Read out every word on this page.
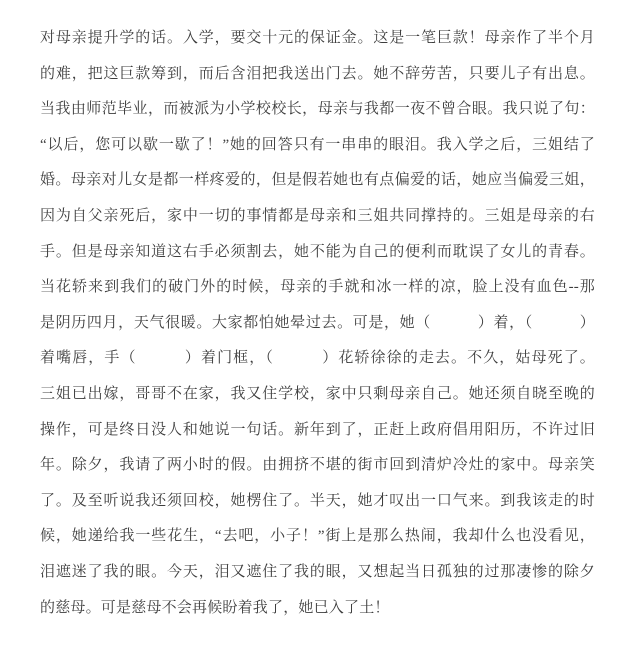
对母亲提升学的话。入学，要交十元的保证金。这是一笔巨款！母亲作了半个月
的难，把这巨款筹到，而后含泪把我送出门去。她不辞劳苦，只要儿子有出息。
当我由师范毕业，而被派为小学校校长，母亲与我都一夜不曾合眼。我只说了句：
“以后，您可以歇一歇了！”她的回答只有一串串的眼泪。我入学之后，三姐结了
婚。母亲对儿女是都一样疼爱的，但是假若她也有点偏爱的话，她应当偏爱三姐，
因为自父亲死后，家中一切的事情都是母亲和三姐共同撑持的。三姐是母亲的右
手。但是母亲知道这右手必须割去，她不能为自己的便利而耽误了女儿的青春。
当花轿来到我们的破门外的时候，母亲的手就和冰一样的凉，脸上没有血色--那
是阴历四月，天气很暖。大家都怕她晕过去。可是，她（　　　）着，（　　　）
着嘴唇，手（　　　）着门框，（　　　）花轿徐徐的走去。不久，姑母死了。
三姐已出嫁，哥哥不在家，我又住学校，家中只剩母亲自己。她还须自晓至晚的
操作，可是终日没人和她说一句话。新年到了，正赶上政府倡用阳历，不许过旧
年。除夕，我请了两小时的假。由拥挤不堪的街市回到清炉冷灶的家中。母亲笑
了。及至听说我还须回校，她楞住了。半天，她才叹出一口气来。到我该走的时
候，她递给我一些花生，“去吧，小子！”街上是那么热闹，我却什么也没看见，
泪遮迷了我的眼。今天，泪又遮住了我的眼，又想起当日孤独的过那凄惨的除夕
的慈母。可是慈母不会再候盼着我了，她已入了土！
